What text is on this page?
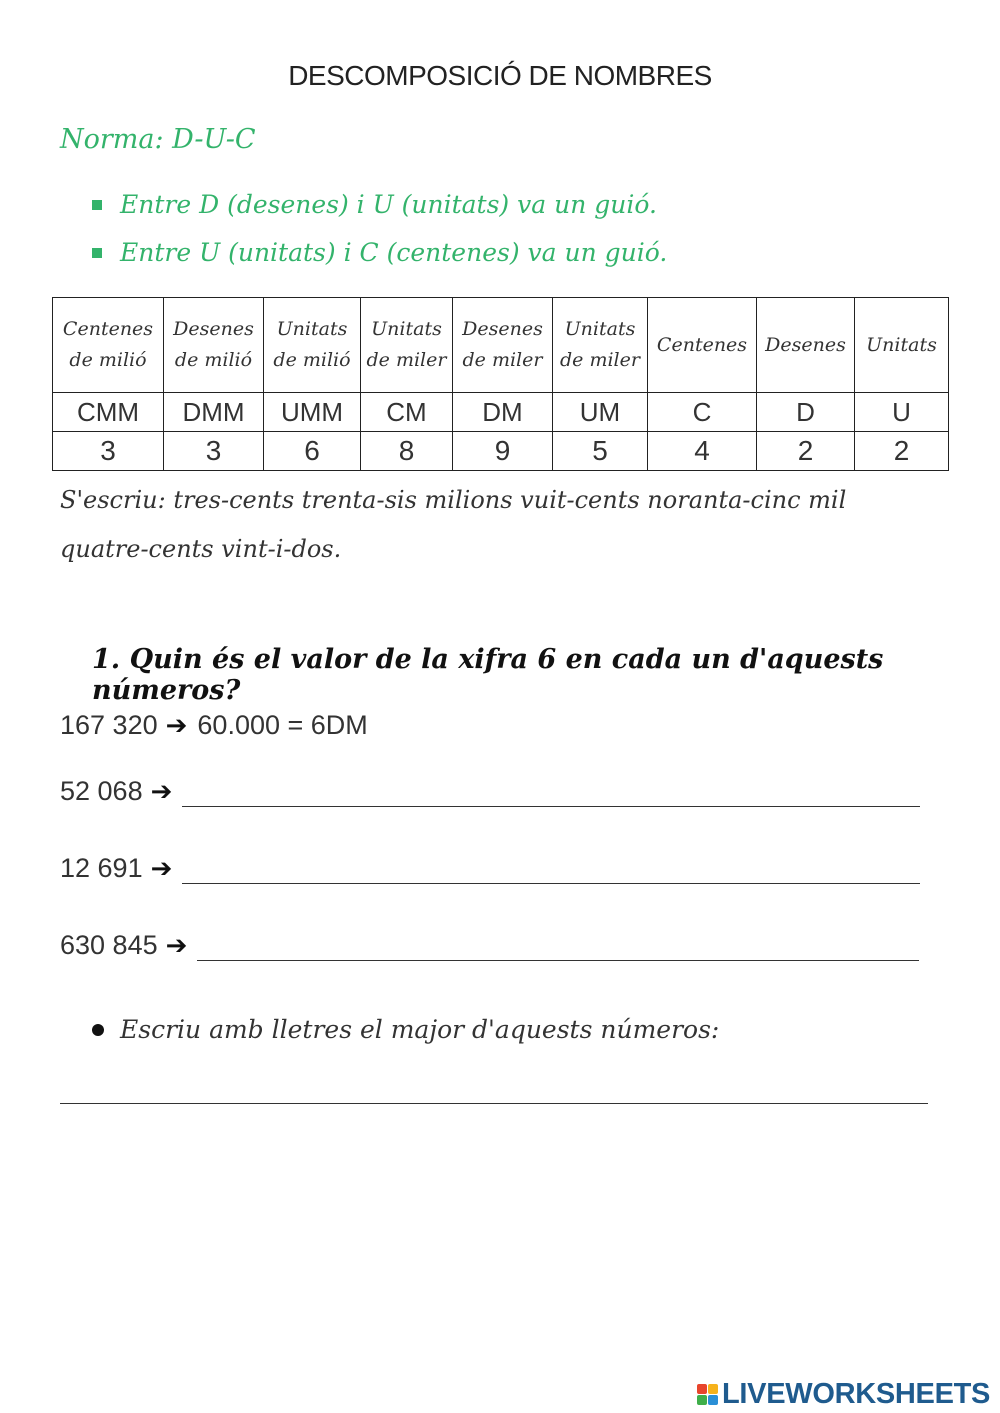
DESCOMPOSICIÓ DE NOMBRES
Norma: D-U-C
Entre D (desenes) i U (unitats) va un guió.
Entre U (unitats) i C (centenes) va un guió.
Centenes de milió	Desenes de milió	Unitats de milió	Unitats de miler	Desenes de miler	Unitats de miler	Centenes	Desenes	Unitats
CMM	DMM	UMM	CM	DM	UM	C	D	U
3	3	6	8	9	5	4	2	2
S'escriu: tres-cents trenta-sis milions vuit-cents noranta-cinc mil quatre-cents vint-i-dos.
1. Quin és el valor de la xifra 6 en cada un d'aquests números?
167 320 ➔ 60.000 = 6DM
52 068 ➔
12 691 ➔
630 845 ➔
Escriu amb lletres el major d'aquests números:
LIVEWORKSHEETS
